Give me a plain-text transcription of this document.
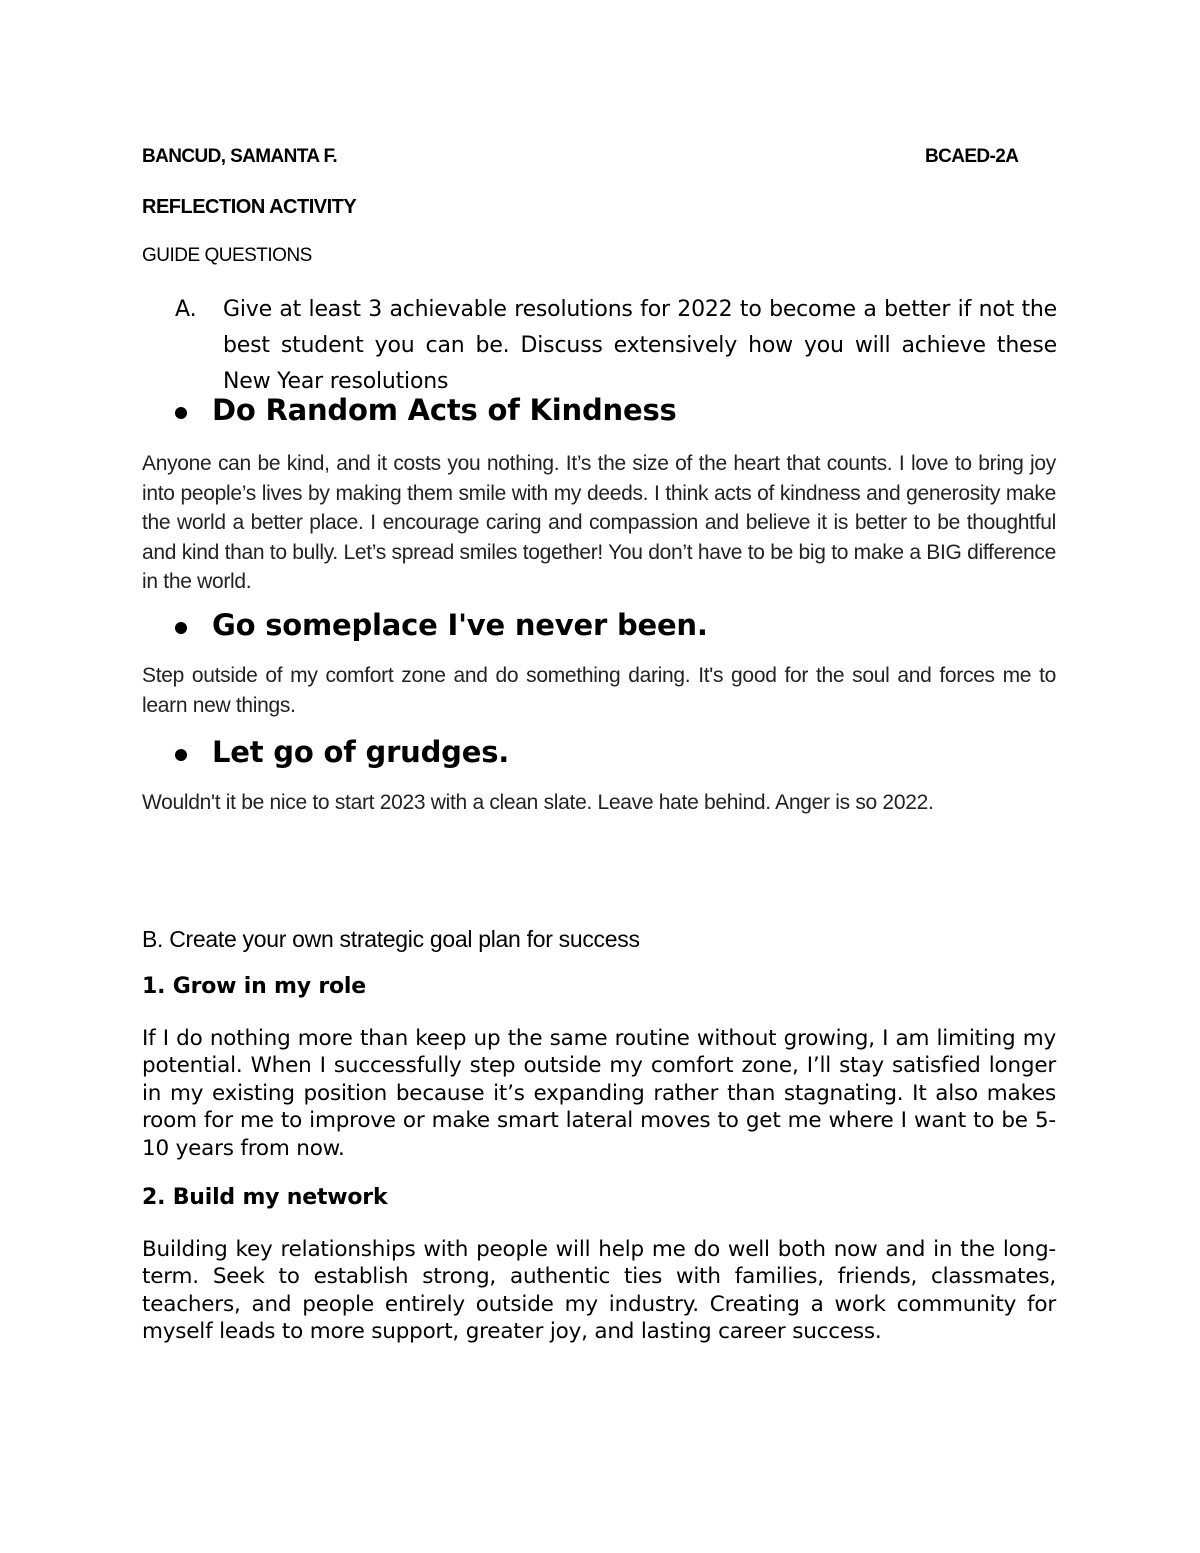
BANCUD, SAMANTA F.	BCAED-2A
REFLECTION ACTIVITY
GUIDE QUESTIONS
A. Give at least 3 achievable resolutions for 2022 to become a better if not the best student you can be. Discuss extensively how you will achieve these New Year resolutions
Do Random Acts of Kindness
Anyone can be kind, and it costs you nothing. It’s the size of the heart that counts. I love to bring joy into people’s lives by making them smile with my deeds. I think acts of kindness and generosity make the world a better place. I encourage caring and compassion and believe it is better to be thoughtful and kind than to bully. Let’s spread smiles together! You don’t have to be big to make a BIG difference in the world.
Go someplace I've never been.
Step outside of my comfort zone and do something daring. It's good for the soul and forces me to learn new things.
Let go of grudges.
Wouldn't it be nice to start 2023 with a clean slate. Leave hate behind. Anger is so 2022.
B. Create your own strategic goal plan for success
1. Grow in my role
If I do nothing more than keep up the same routine without growing, I am limiting my potential. When I successfully step outside my comfort zone, I’ll stay satisfied longer in my existing position because it’s expanding rather than stagnating. It also makes room for me to improve or make smart lateral moves to get me where I want to be 5-10 years from now.
2. Build my network
Building key relationships with people will help me do well both now and in the long-term. Seek to establish strong, authentic ties with families, friends, classmates, teachers, and people entirely outside my industry. Creating a work community for myself leads to more support, greater joy, and lasting career success.
